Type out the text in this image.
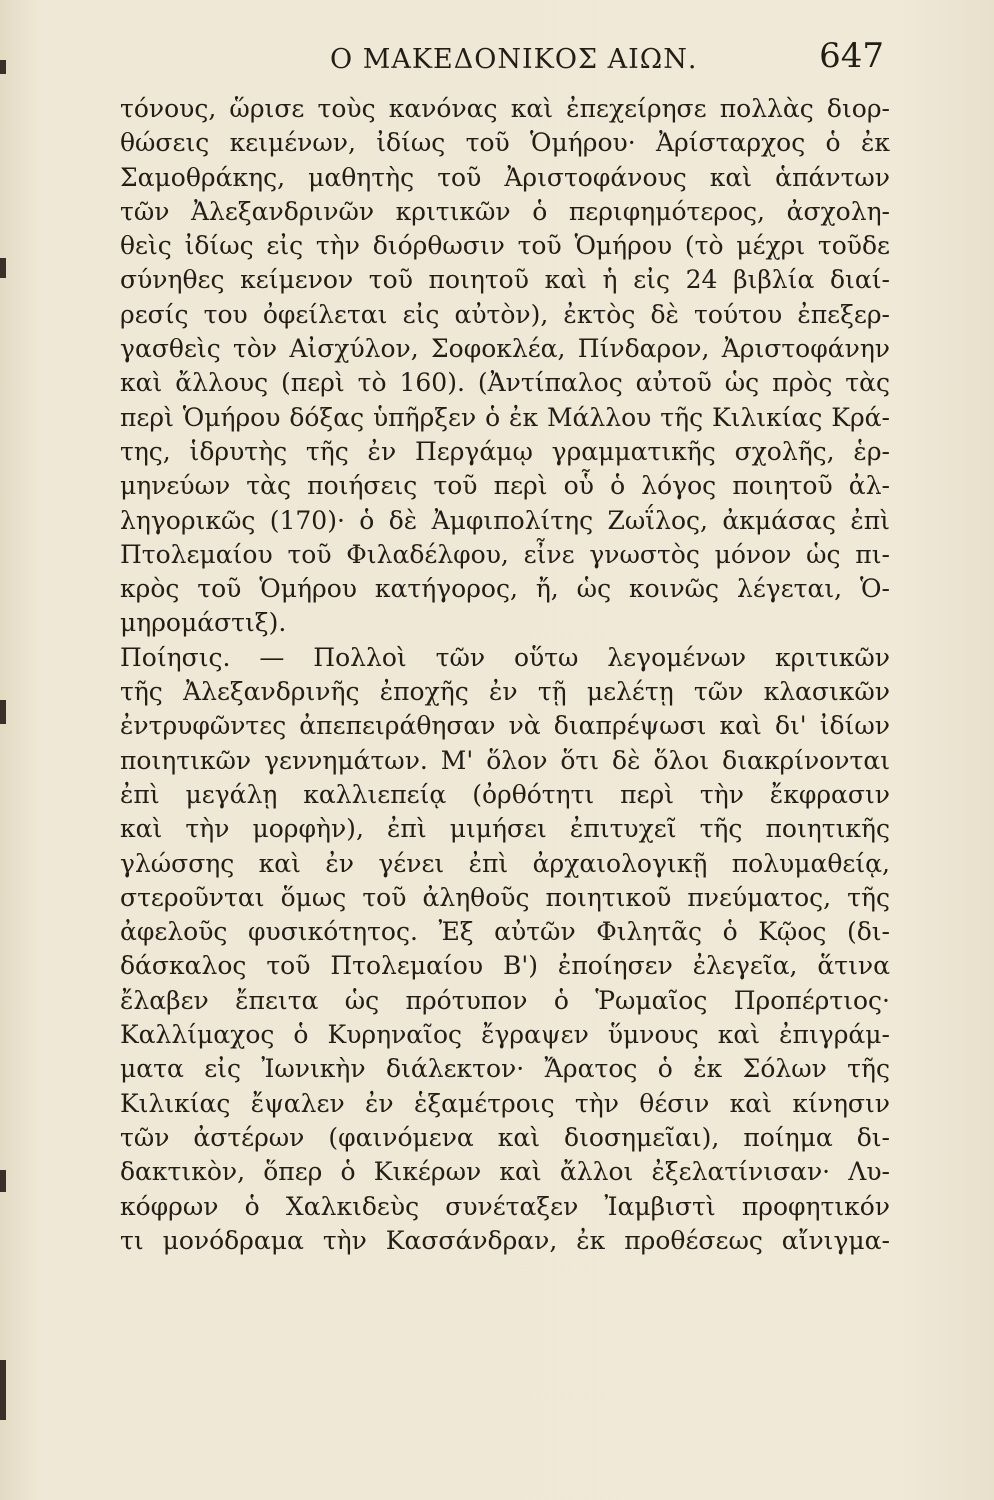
Ο ΜΑΚΕΔΟΝΙΚΟΣ ΑΙΩΝ.	647
τόνους, ὥρισε τοὺς κανόνας καὶ ἐπεχείρησε πολλὰς διορ-
θώσεις κειμένων, ἰδίως τοῦ Ὁμήρου· Ἀρίσταρχος ὁ ἐκ
Σαμοθράκης, μαθητὴς τοῦ Ἀριστοφάνους καὶ ἁπάντων
τῶν Ἀλεξανδρινῶν κριτικῶν ὁ περιφημότερος, ἀσχολη-
θεὶς ἰδίως εἰς τὴν διόρθωσιν τοῦ Ὁμήρου (τὸ μέχρι τοῦδε
σύνηθες κείμενον τοῦ ποιητοῦ καὶ ἡ εἰς 24 βιβλία διαί-
ρεσίς του ὀφείλεται εἰς αὐτὸν), ἐκτὸς δὲ τούτου ἐπεξερ-
γασθεὶς τὸν Αἰσχύλον, Σοφοκλέα, Πίνδαρον, Ἀριστοφάνην
καὶ ἄλλους (περὶ τὸ 160). (Ἀντίπαλος αὐτοῦ ὡς πρὸς τὰς
περὶ Ὁμήρου δόξας ὑπῆρξεν ὁ ἐκ Μάλλου τῆς Κιλικίας Κρά-
της, ἱδρυτὴς τῆς ἐν Περγάμῳ γραμματικῆς σχολῆς, ἑρ-
μηνεύων τὰς ποιήσεις τοῦ περὶ οὗ ὁ λόγος ποιητοῦ ἀλ-
ληγορικῶς (170)· ὁ δὲ Ἀμφιπολίτης Ζωΐλος, ἀκμάσας ἐπὶ
Πτολεμαίου τοῦ Φιλαδέλφου, εἶνε γνωστὸς μόνον ὡς πι-
κρὸς τοῦ Ὁμήρου κατήγορος, ἤ, ὡς κοινῶς λέγεται, Ὁ-
μηρομάστιξ).
Ποίησις. — Πολλοὶ τῶν οὕτω λεγομένων κριτικῶν
τῆς Ἀλεξανδρινῆς ἐποχῆς ἐν τῇ μελέτῃ τῶν κλασικῶν
ἐντρυφῶντες ἀπεπειράθησαν νὰ διαπρέψωσι καὶ δι' ἰδίων
ποιητικῶν γεννημάτων. Μ' ὅλον ὅτι δὲ ὅλοι διακρίνονται
ἐπὶ μεγάλῃ καλλιεπείᾳ (ὀρθότητι περὶ τὴν ἔκφρασιν
καὶ τὴν μορφὴν), ἐπὶ μιμήσει ἐπιτυχεῖ τῆς ποιητικῆς
γλώσσης καὶ ἐν γένει ἐπὶ ἀρχαιολογικῇ πολυμαθείᾳ,
στεροῦνται ὅμως τοῦ ἀληθοῦς ποιητικοῦ πνεύματος, τῆς
ἀφελοῦς φυσικότητος. Ἐξ αὐτῶν Φιλητᾶς ὁ Κῷος (δι-
δάσκαλος τοῦ Πτολεμαίου Β') ἐποίησεν ἐλεγεῖα, ἅτινα
ἔλαβεν ἔπειτα ὡς πρότυπον ὁ Ῥωμαῖος Προπέρτιος·
Καλλίμαχος ὁ Κυρηναῖος ἔγραψεν ὕμνους καὶ ἐπιγράμ-
ματα εἰς Ἰωνικὴν διάλεκτον· Ἄρατος ὁ ἐκ Σόλων τῆς
Κιλικίας ἔψαλεν ἐν ἑξαμέτροις τὴν θέσιν καὶ κίνησιν
τῶν ἀστέρων (φαινόμενα καὶ διοσημεῖαι), ποίημα δι-
δακτικὸν, ὅπερ ὁ Κικέρων καὶ ἄλλοι ἐξελατίνισαν· Λυ-
κόφρων ὁ Χαλκιδεὺς συνέταξεν Ἰαμβιστὶ προφητικόν
τι μονόδραμα τὴν Κασσάνδραν, ἐκ προθέσεως αἴνιγμα-
